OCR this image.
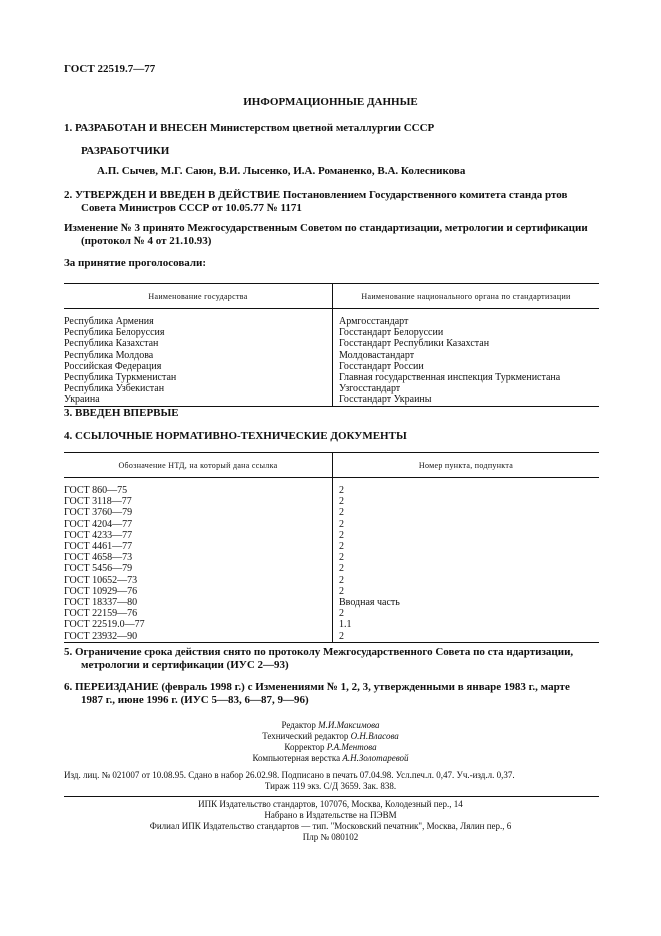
ГОСТ 22519.7—77
ИНФОРМАЦИОННЫЕ ДАННЫЕ
1. РАЗРАБОТАН И ВНЕСЕН Министерством цветной металлургии СССР
РАЗРАБОТЧИКИ
А.П. Сычев, М.Г. Саюн, В.И. Лысенко, И.А. Романенко, В.А. Колесникова
2. УТВЕРЖДЕН И ВВЕДЕН В ДЕЙСТВИЕ Постановлением Государственного комитета станда ртов
Совета Министров СССР от 10.05.77 № 1171
Изменение № 3 принято Межгосударственным Советом по стандартизации, метрологии и сертификации
(протокол № 4 от 21.10.93)
За принятие проголосовали:
Наименование государства	Наименование национального органа по стандартизации
Республика Армения	Армгосстандарт
Республика Белоруссия	Госстандарт Белоруссии
Республика Казахстан	Госстандарт Республики Казахстан
Республика Молдова	Молдовастандарт
Российская Федерация	Госстандарт России
Республика Туркменистан	Главная государственная инспекция Туркменистана
Республика Узбекистан	Узгосстандарт
Украина	Госстандарт Украины
3. ВВЕДЕН ВПЕРВЫЕ
4. ССЫЛОЧНЫЕ НОРМАТИВНО-ТЕХНИЧЕСКИЕ ДОКУМЕНТЫ
Обозначение НТД, на который дана ссылка	Номер пункта, подпункта
ГОСТ 860—75	2
ГОСТ 3118—77	2
ГОСТ 3760—79	2
ГОСТ 4204—77	2
ГОСТ 4233—77	2
ГОСТ 4461—77	2
ГОСТ 4658—73	2
ГОСТ 5456—79	2
ГОСТ 10652—73	2
ГОСТ 10929—76	2
ГОСТ 18337—80	Вводная часть
ГОСТ 22159—76	2
ГОСТ 22519.0—77	1.1
ГОСТ 23932—90	2
5. Ограничение срока действия снято по протоколу Межгосударственного Совета по ста ндартизации,
метрологии и сертификации (ИУС 2—93)
6. ПЕРЕИЗДАНИЕ (февраль 1998 г.) с Изменениями № 1, 2, 3, утвержденными в январе 1983 г., марте
1987 г., июне 1996 г. (ИУС 5—83, 6—87, 9—96)
Редактор М.И.Максимова
Технический редактор О.Н.Власова
Корректор Р.А.Ментова
Компьютерная верстка А.Н.Золотаревой
Изд. лиц. № 021007 от 10.08.95. Сдано в набор 26.02.98. Подписано в печать 07.04.98. Усл.печ.л. 0,47. Уч.-изд.л. 0,37.
Тираж 119 экз. С/Д 3659. Зак. 838.
ИПК Издательство стандартов, 107076, Москва, Колодезный пер., 14
Набрано в Издательстве на ПЭВМ
Филиал ИПК Издательство стандартов — тип. "Московский печатник", Москва, Лялин пер., 6
Плр № 080102
